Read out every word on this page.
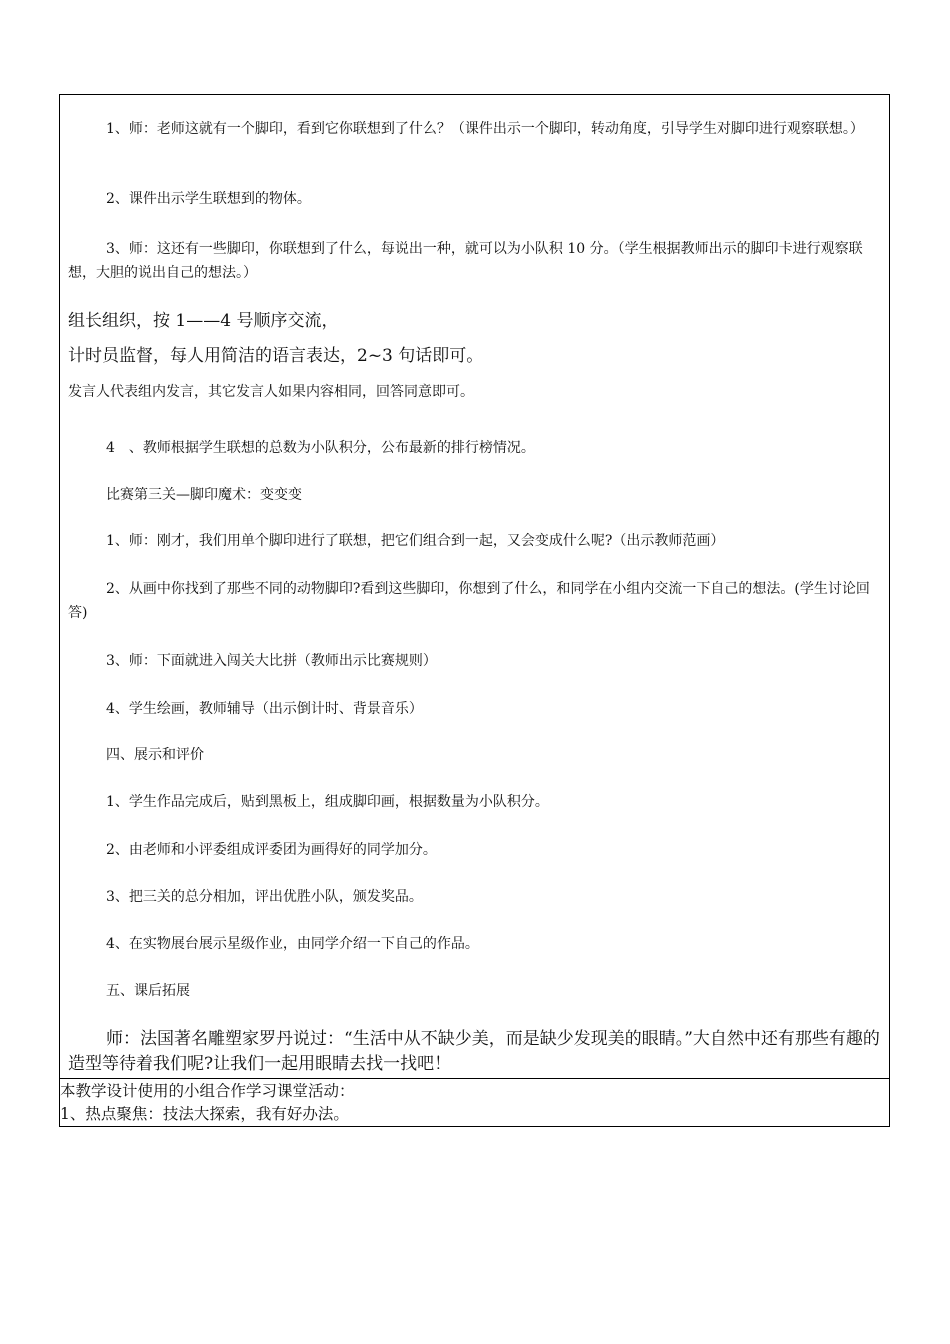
1、师：老师这就有一个脚印，看到它你联想到了什么？（课件出示一个脚印，转动角度，引导学生对脚印进行观察联想。）

2、课件出示学生联想到的物体。

3、师：这还有一些脚印，你联想到了什么，每说出一种，就可以为小队积 10 分。（学生根据教师出示的脚印卡进行观察联想，大胆的说出自己的想法。）

组长组织，按 1——4 号顺序交流，

计时员监督，每人用简洁的语言表达，2~3 句话即可。

发言人代表组内发言，其它发言人如果内容相同，回答同意即可。

4　、教师根据学生联想的总数为小队积分，公布最新的排行榜情况。

比赛第三关—脚印魔术：变变变

1、师：刚才，我们用单个脚印进行了联想，把它们组合到一起，又会变成什么呢?（出示教师范画）

2、从画中你找到了那些不同的动物脚印?看到这些脚印，你想到了什么，和同学在小组内交流一下自己的想法。(学生讨论回答)

3、师：下面就进入闯关大比拼（教师出示比赛规则）

4、学生绘画，教师辅导（出示倒计时、背景音乐）

四、展示和评价

1、学生作品完成后，贴到黑板上，组成脚印画，根据数量为小队积分。

2、由老师和小评委组成评委团为画得好的同学加分。

3、把三关的总分相加，评出优胜小队，颁发奖品。

4、在实物展台展示星级作业，由同学介绍一下自己的作品。

五、课后拓展

师：法国著名雕塑家罗丹说过：“生活中从不缺少美，而是缺少发现美的眼睛。”大自然中还有那些有趣的造型等待着我们呢?让我们一起用眼睛去找一找吧！

本教学设计使用的小组合作学习课堂活动：

1、热点聚焦：技法大探索，我有好办法。
